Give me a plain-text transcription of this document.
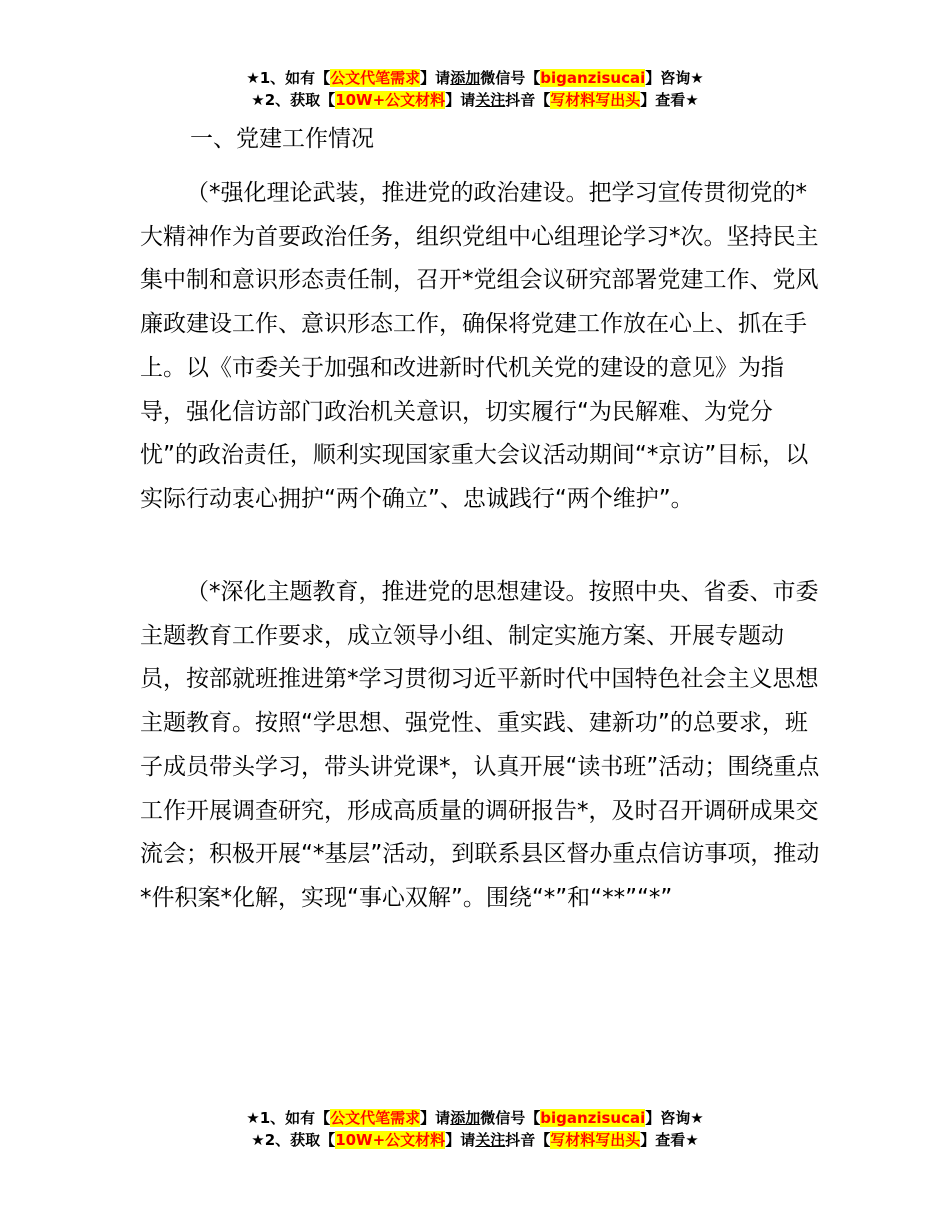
★1、如有【公文代笔需求】请添加微信号【biganzisucai】咨询★
★2、获取【10W+公文材料】请关注抖音【写材料写出头】查看★
一、党建工作情况

（*强化理论武装，推进党的政治建设。把学习宣传贯彻党的*大精神作为首要政治任务，组织党组中心组理论学习*次。坚持民主集中制和意识形态责任制，召开*党组会议研究部署党建工作、党风廉政建设工作、意识形态工作，确保将党建工作放在心上、抓在手上。以《市委关于加强和改进新时代机关党的建设的意见》为指导，强化信访部门政治机关意识，切实履行“为民解难、为党分忧”的政治责任，顺利实现国家重大会议活动期间“*京访”目标，以实际行动衷心拥护“两个确立”、忠诚践行“两个维护”。

（*深化主题教育，推进党的思想建设。按照中央、省委、市委主题教育工作要求，成立领导小组、制定实施方案、开展专题动员，按部就班推进第*学习贯彻习近平新时代中国特色社会主义思想主题教育。按照“学思想、强党性、重实践、建新功”的总要求，班子成员带头学习，带头讲党课*，认真开展“读书班”活动；围绕重点工作开展调查研究，形成高质量的调研报告*，及时召开调研成果交流会；积极开展“*基层”活动，到联系县区督办重点信访事项，推动*件积案*化解，实现“事心双解”。围绕“*”和“**”“*”

★1、如有【公文代笔需求】请添加微信号【biganzisucai】咨询★
★2、获取【10W+公文材料】请关注抖音【写材料写出头】查看★
